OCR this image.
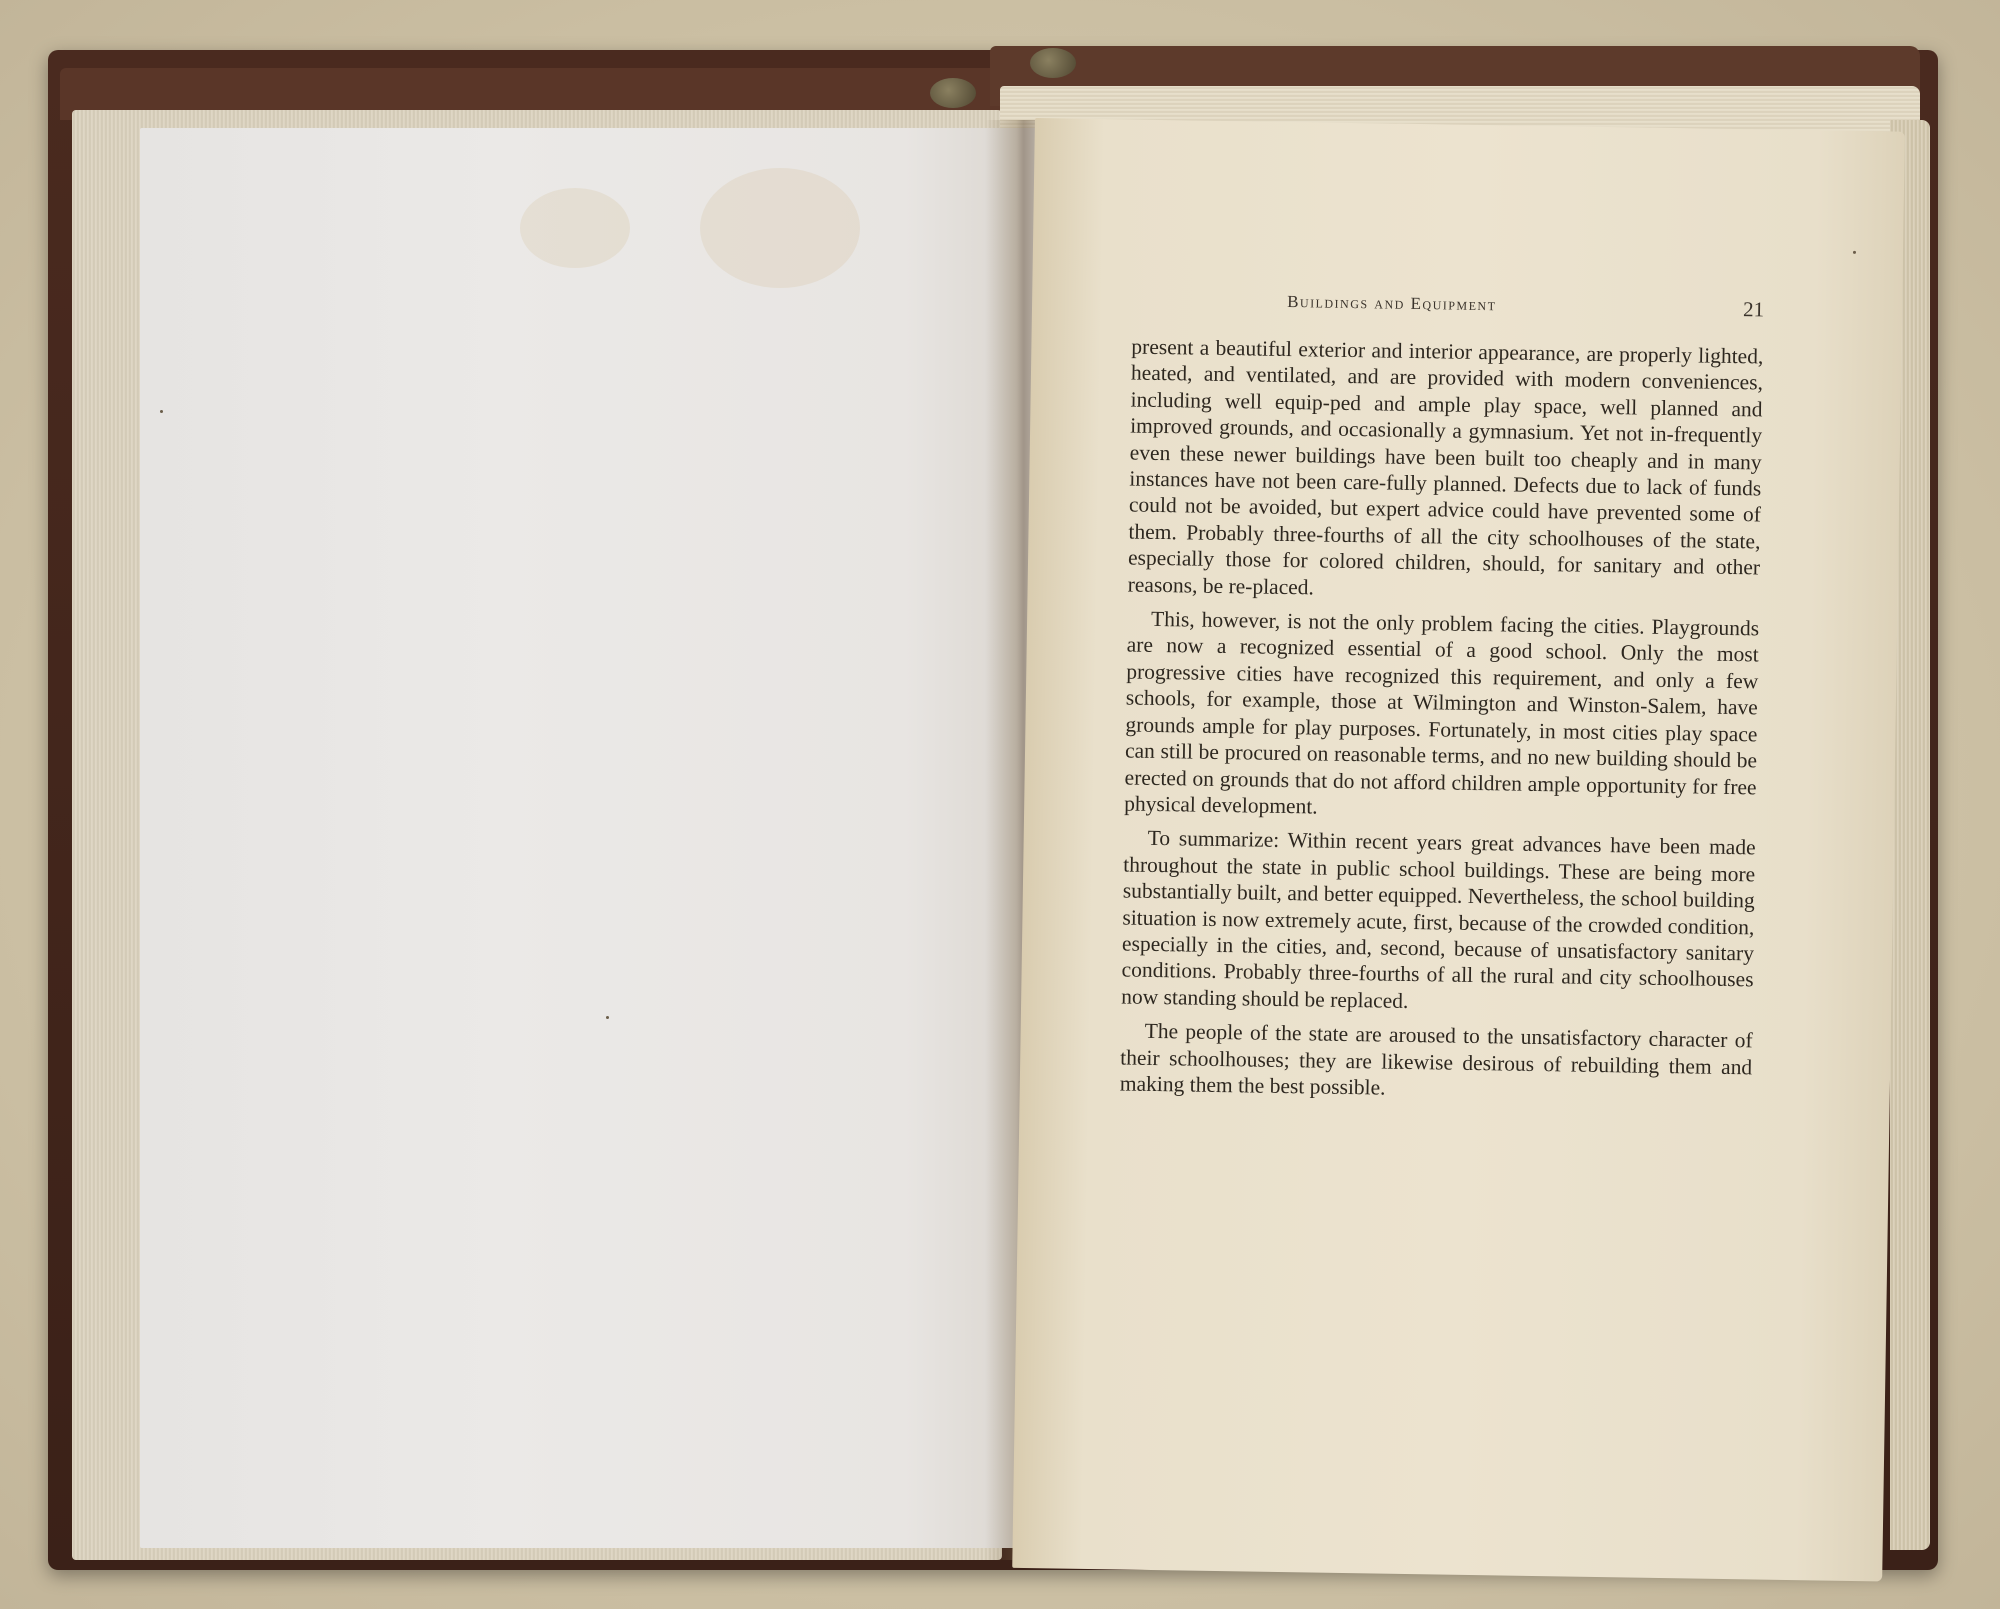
Buildings and Equipment	21

present a beautiful exterior and interior appearance, are properly lighted, heated, and ventilated, and are provided with modern conveniences, including well equip-ped and ample play space, well planned and improved grounds, and occasionally a gymnasium. Yet not in-frequently even these newer buildings have been built too cheaply and in many instances have not been care-fully planned. Defects due to lack of funds could not be avoided, but expert advice could have prevented some of them. Probably three-fourths of all the city schoolhouses of the state, especially those for colored children, should, for sanitary and other reasons, be re-placed.

This, however, is not the only problem facing the cities. Playgrounds are now a recognized essential of a good school. Only the most progressive cities have recognized this requirement, and only a few schools, for example, those at Wilmington and Winston-Salem, have grounds ample for play purposes. Fortunately, in most cities play space can still be procured on reasonable terms, and no new building should be erected on grounds that do not afford children ample opportunity for free physical development.

To summarize: Within recent years great advances have been made throughout the state in public school buildings. These are being more substantially built, and better equipped. Nevertheless, the school building situation is now extremely acute, first, because of the crowded condition, especially in the cities, and, second, because of unsatisfactory sanitary conditions. Probably three-fourths of all the rural and city schoolhouses now standing should be replaced.

The people of the state are aroused to the unsatisfactory character of their schoolhouses; they are likewise desirous of rebuilding them and making them the best possible.
